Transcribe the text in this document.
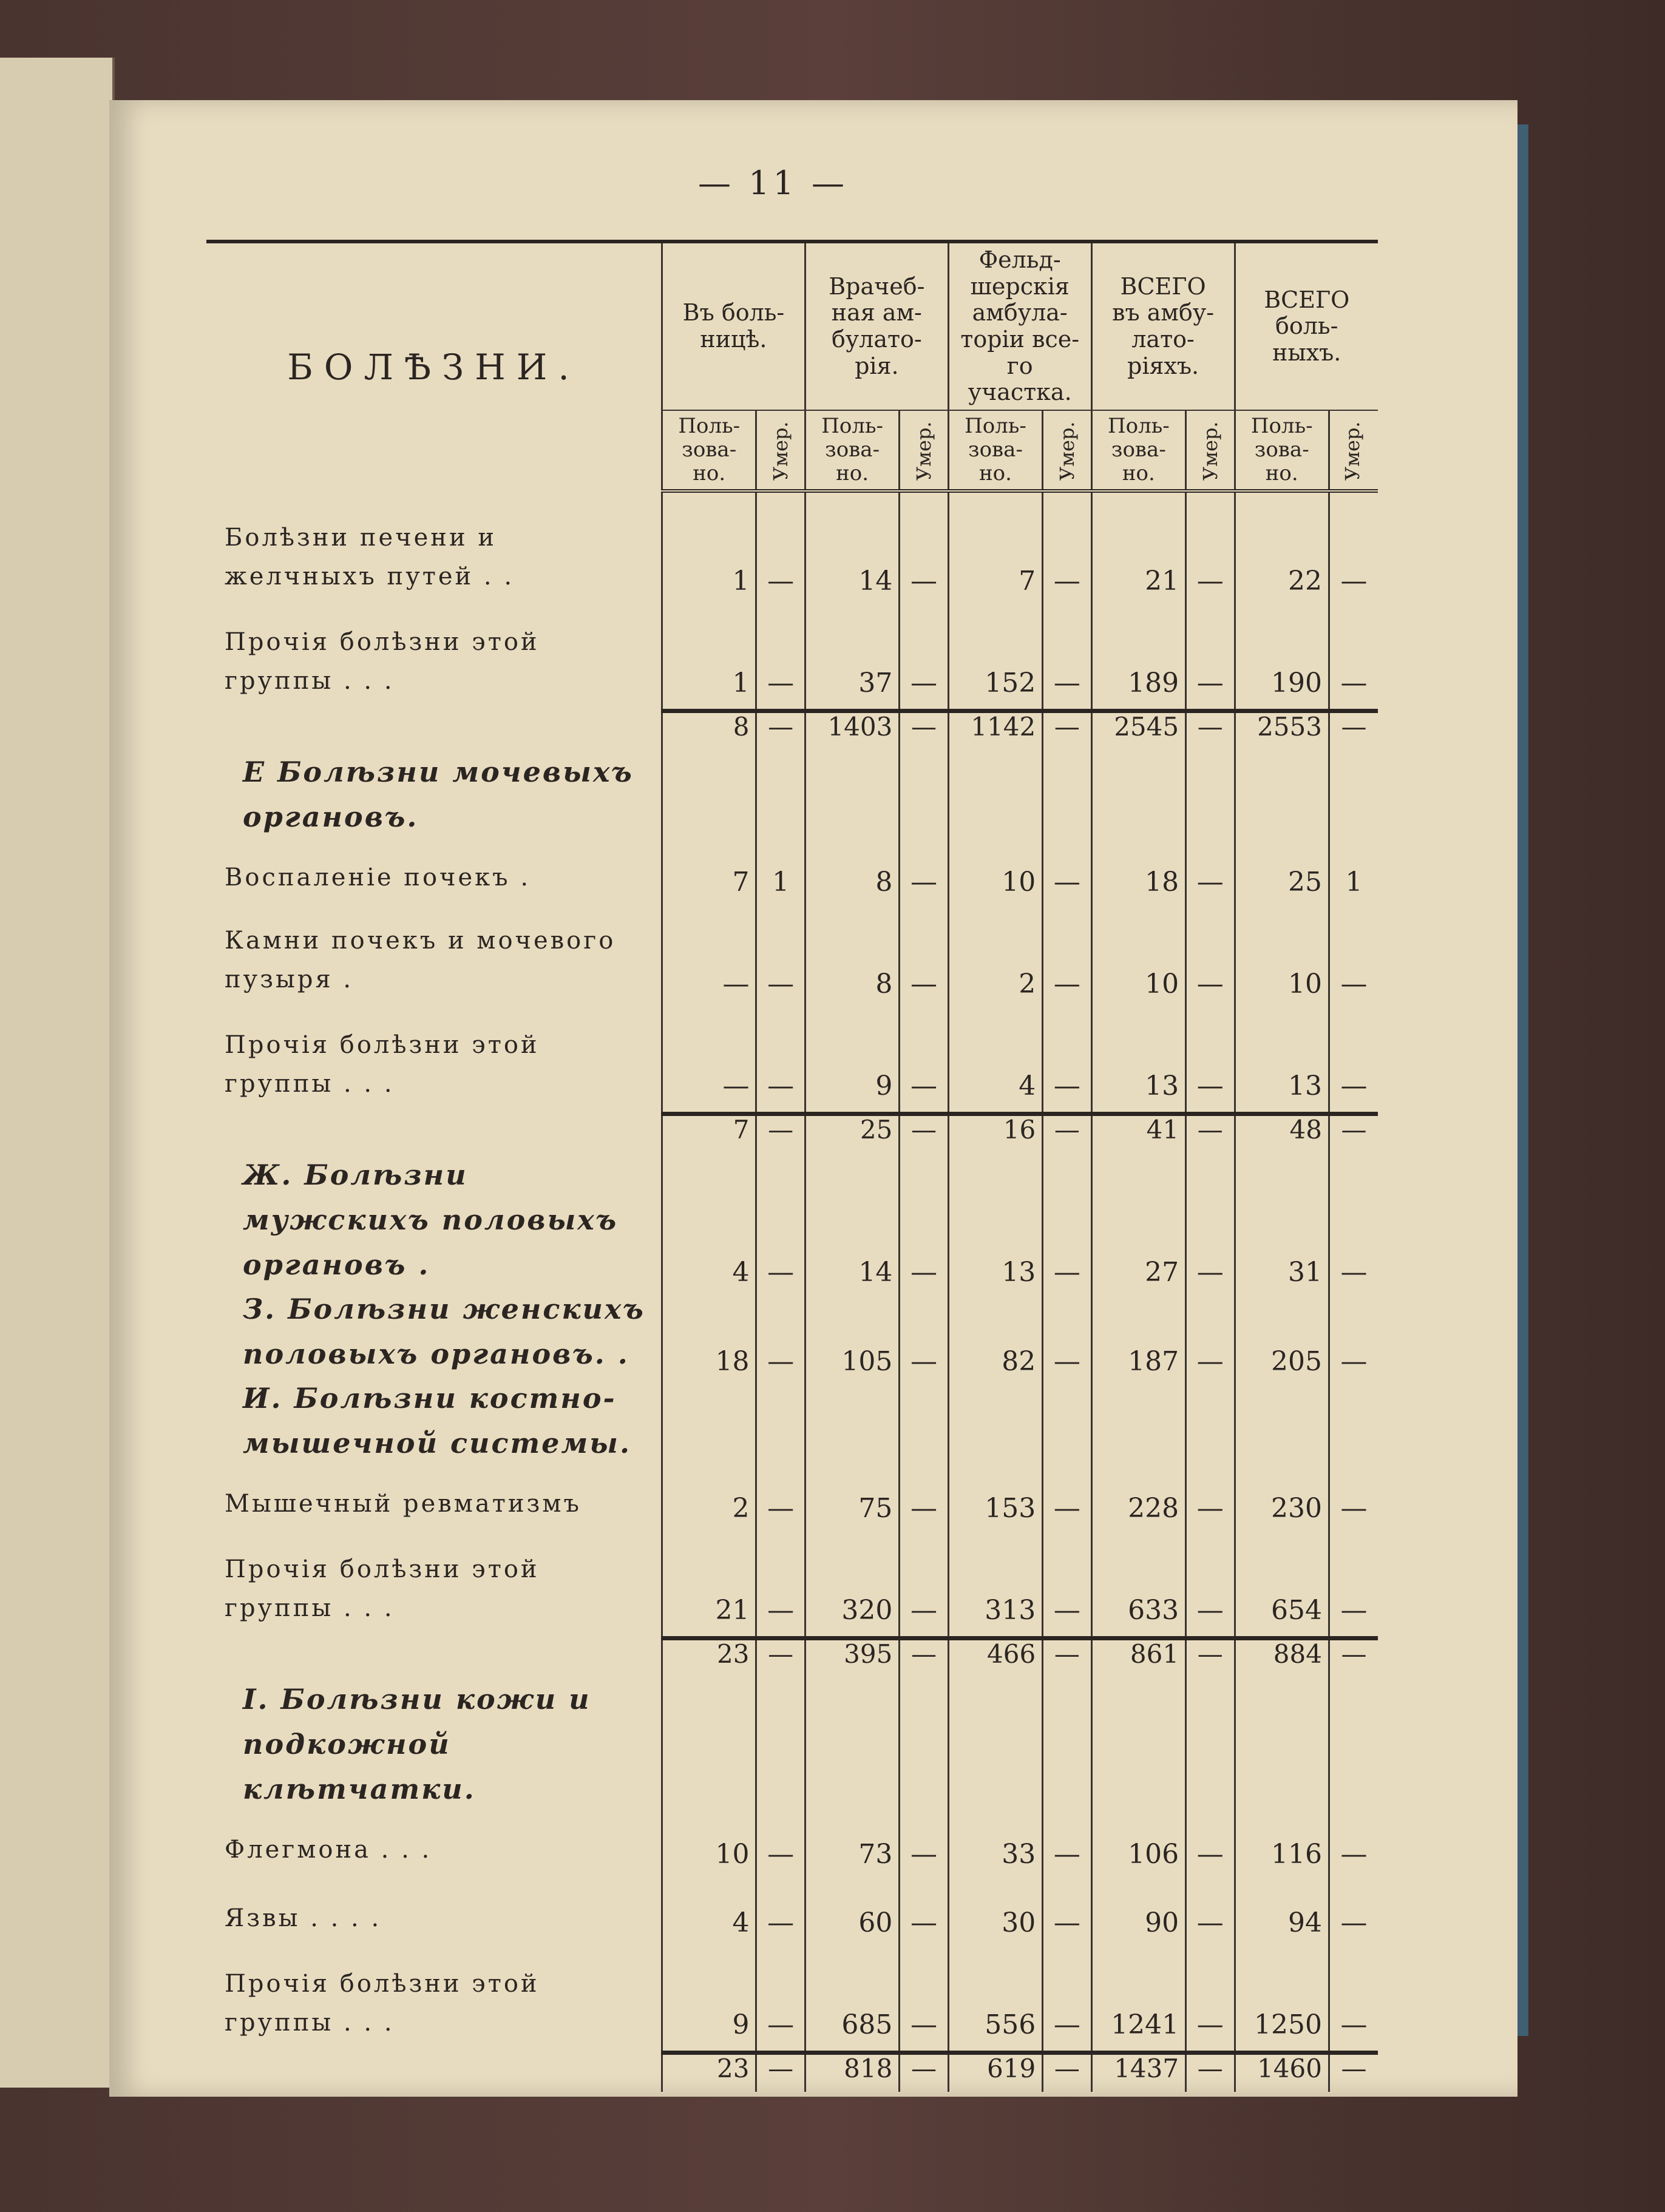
— 11 —
БОЛѢЗНИ.	Въ боль-
ницѣ.		Врачеб-
ная ам-
булато-
рія.		Фельд-
шерскія
амбула-
торіи все-
го участка.		ВСЕГО
въ амбу-
лато-
ріяхъ.		ВСЕГО
боль-
ныхъ.	
	Поль-
зова-
но.	Умер.	Поль-
зова-
но.	Умер.	Поль-
зова-
но.	Умер.	Поль-
зова-
но.	Умер.	Поль-
зова-
но.	Умер.

Болѣзни печени и желчныхъ путей . .	1	—	14	—	7	—	21	—	22	—
Прочія болѣзни этой группы . . .	1	—	37	—	152	—	189	—	190	—
	8	—	1403	—	1142	—	2545	—	2553	—
Е Болѣзни мочевыхъ органовъ.										
Воспаленіе почекъ .	7	1	8	—	10	—	18	—	25	1
Камни почекъ и мочевого пузыря .	—	—	8	—	2	—	10	—	10	—
Прочія болѣзни этой группы . . .	—	—	9	—	4	—	13	—	13	—
	7	—	25	—	16	—	41	—	48	—
Ж. Болѣзни мужскихъ половыхъ органовъ .	4	—	14	—	13	—	27	—	31	—
З. Болѣзни женскихъ половыхъ органовъ. .	18	—	105	—	82	—	187	—	205	—
И. Болѣзни костно-мышечной системы.										
Мышечный ревматизмъ	2	—	75	—	153	—	228	—	230	—
Прочія болѣзни этой группы . . .	21	—	320	—	313	—	633	—	654	—
	23	—	395	—	466	—	861	—	884	—
І. Болѣзни кожи и подкожной клѣтчатки.										
Флегмона . . .	10	—	73	—	33	—	106	—	116	—
Язвы . . . .	4	—	60	—	30	—	90	—	94	—
Прочія болѣзни этой группы . . .	9	—	685	—	556	—	1241	—	1250	—
	23	—	818	—	619	—	1437	—	1460	—
